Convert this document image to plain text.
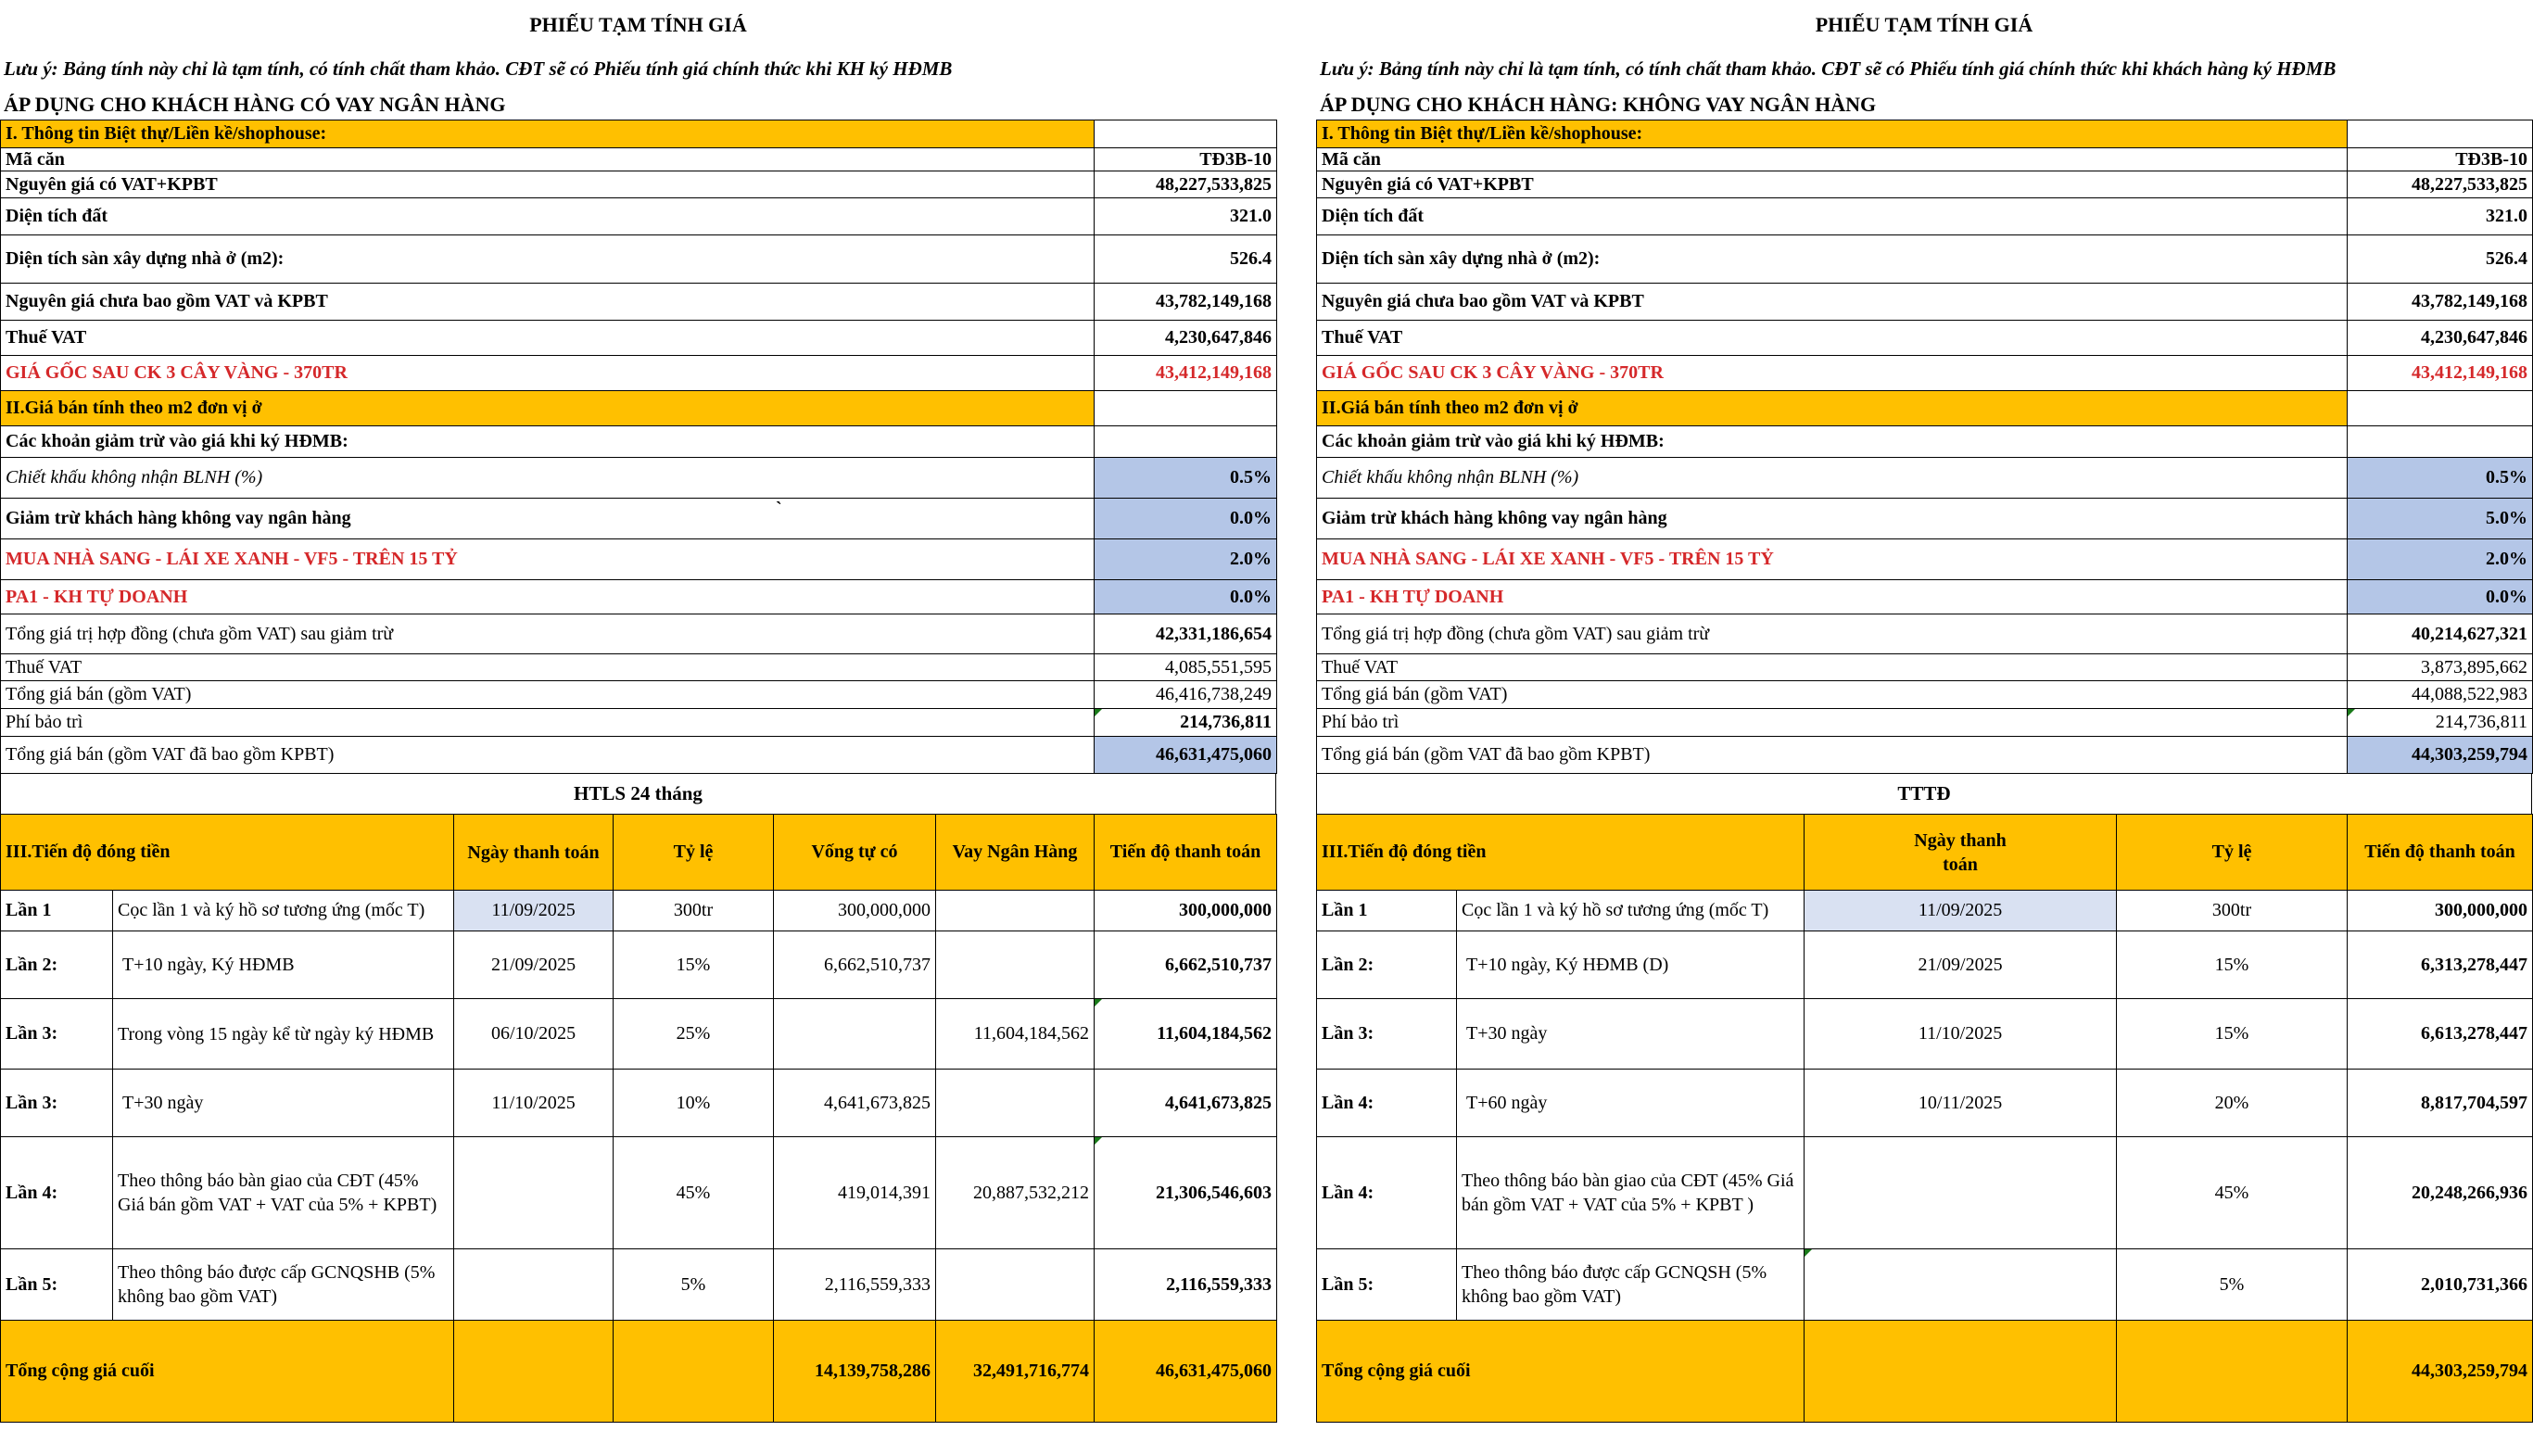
PHIẾU TẠM TÍNH GIÁ
Lưu ý: Bảng tính này chỉ là tạm tính, có tính chất tham khảo. CĐT sẽ có Phiếu tính giá chính thức khi KH ký HĐMB
ÁP DỤNG CHO KHÁCH HÀNG CÓ VAY NGÂN HÀNG
I. Thông tin Biệt thự/Liền kề/shophouse:	
Mã căn	TĐ3B-10
Nguyên giá có VAT+KPBT	48,227,533,825
Diện tích đất	321.0
Diện tích sàn xây dựng nhà ở (m2):	526.4
Nguyên giá chưa bao gồm VAT và KPBT	43,782,149,168
Thuế VAT	4,230,647,846
GIÁ GỐC SAU CK 3 CÂY VÀNG - 370TR	43,412,149,168
II.Giá bán tính theo m2 đơn vị ở	
Các khoản giảm trừ vào giá khi ký HĐMB:	
Chiết khấu không nhận BLNH (%)	0.5%
Giảm trừ khách hàng không vay ngân hàng `	0.0%
MUA NHÀ SANG - LÁI XE XANH - VF5 - TRÊN 15 TỶ	2.0%
PA1 - KH TỰ DOANH	0.0%
Tổng giá trị hợp đồng (chưa gồm VAT) sau giảm trừ	42,331,186,654
Thuế VAT	4,085,551,595
Tổng giá bán (gồm VAT)	46,416,738,249
Phí bảo trì	214,736,811
Tổng giá bán (gồm VAT đã bao gồm KPBT)	46,631,475,060
HTLS 24 tháng
III.Tiến độ đóng tiền		Ngày thanh toán	Tỷ lệ	Vống tự có	Vay Ngân Hàng	Tiến độ thanh toán
Lần 1	Cọc lần 1 và ký hồ sơ tương ứng (mốc T)	11/09/2025	300tr	300,000,000		300,000,000
Lần 2:	T+10 ngày, Ký HĐMB	21/09/2025	15%	6,662,510,737		6,662,510,737
Lần 3:	Trong vòng 15 ngày kể từ ngày ký HĐMB	06/10/2025	25%		11,604,184,562	11,604,184,562
Lần 3:	T+30 ngày	11/10/2025	10%	4,641,673,825		4,641,673,825
Lần 4:	Theo thông báo bàn giao của CĐT (45% Giá bán gồm VAT + VAT của 5% + KPBT)		45%	419,014,391	20,887,532,212	21,306,546,603
Lần 5:	Theo thông báo được cấp GCNQSHB (5% không bao gồm VAT)		5%	2,116,559,333		2,116,559,333
Tổng cộng giá cuối				14,139,758,286	32,491,716,774	46,631,475,060
PHIẾU TẠM TÍNH GIÁ
Lưu ý: Bảng tính này chỉ là tạm tính, có tính chất tham khảo. CĐT sẽ có Phiếu tính giá chính thức khi khách hàng ký HĐMB
ÁP DỤNG CHO KHÁCH HÀNG: KHÔNG VAY NGÂN HÀNG
I. Thông tin Biệt thự/Liền kề/shophouse:	
Mã căn	TĐ3B-10
Nguyên giá có VAT+KPBT	48,227,533,825
Diện tích đất	321.0
Diện tích sàn xây dựng nhà ở (m2):	526.4
Nguyên giá chưa bao gồm VAT và KPBT	43,782,149,168
Thuế VAT	4,230,647,846
GIÁ GỐC SAU CK 3 CÂY VÀNG - 370TR	43,412,149,168
II.Giá bán tính theo m2 đơn vị ở	
Các khoản giảm trừ vào giá khi ký HĐMB:	
Chiết khấu không nhận BLNH (%)	0.5%
Giảm trừ khách hàng không vay ngân hàng	5.0%
MUA NHÀ SANG - LÁI XE XANH - VF5 - TRÊN 15 TỶ	2.0%
PA1 - KH TỰ DOANH	0.0%
Tổng giá trị hợp đồng (chưa gồm VAT) sau giảm trừ	40,214,627,321
Thuế VAT	3,873,895,662
Tổng giá bán (gồm VAT)	44,088,522,983
Phí bảo trì	214,736,811
Tổng giá bán (gồm VAT đã bao gồm KPBT)	44,303,259,794
TTTĐ
III.Tiến độ đóng tiền		Ngày thanh toán	Tỷ lệ	Tiến độ thanh toán
Lần 1	Cọc lần 1 và ký hồ sơ tương ứng (mốc T)	11/09/2025	300tr	300,000,000
Lần 2:	T+10 ngày, Ký HĐMB (D)	21/09/2025	15%	6,313,278,447
Lần 3:	T+30 ngày	11/10/2025	15%	6,613,278,447
Lần 4:	T+60 ngày	10/11/2025	20%	8,817,704,597
Lần 4:	Theo thông báo bàn giao của CĐT (45% Giá bán gồm VAT + VAT của 5% + KPBT )		45%	20,248,266,936
Lần 5:	Theo thông báo được cấp GCNQSH (5% không bao gồm VAT)		5%	2,010,731,366
Tổng cộng giá cuối				44,303,259,794
